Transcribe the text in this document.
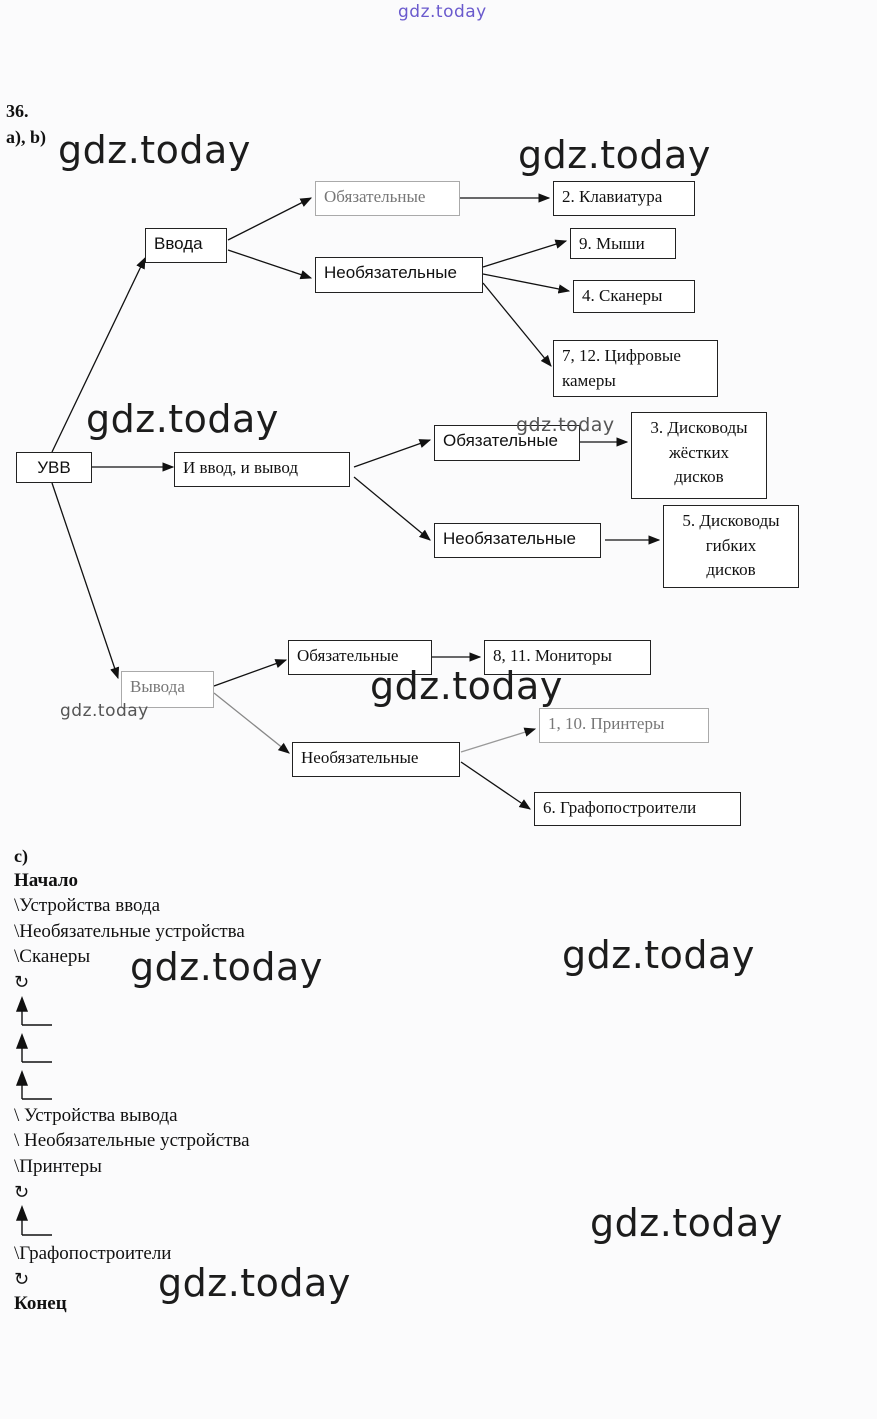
gdz.today
36.
a), b)
УВВ
Ввода
И ввод, и вывод
Вывода
Обязательные
Необязательные
Обязательные
Необязательные
Обязательные
Необязательные
2. Клавиатура
9. Мыши
4. Сканеры
7, 12. Цифровые
камеры
3. Дисководы
жёстких
дисков
5. Дисководы
гибких
дисков
8, 11. Мониторы
1, 10. Принтеры
6. Графопостроители
c)
Начало
\Устройства ввода
\Необязательные устройства
\Сканеры
↻
\ Устройства вывода
\ Необязательные устройства
\Принтеры
↻
\Графопостроители
↻
Конец
gdz.today	gdz.today
gdz.today	gdz.today
gdz.today
gdz.today
gdz.today	gdz.today
gdz.today
gdz.today
